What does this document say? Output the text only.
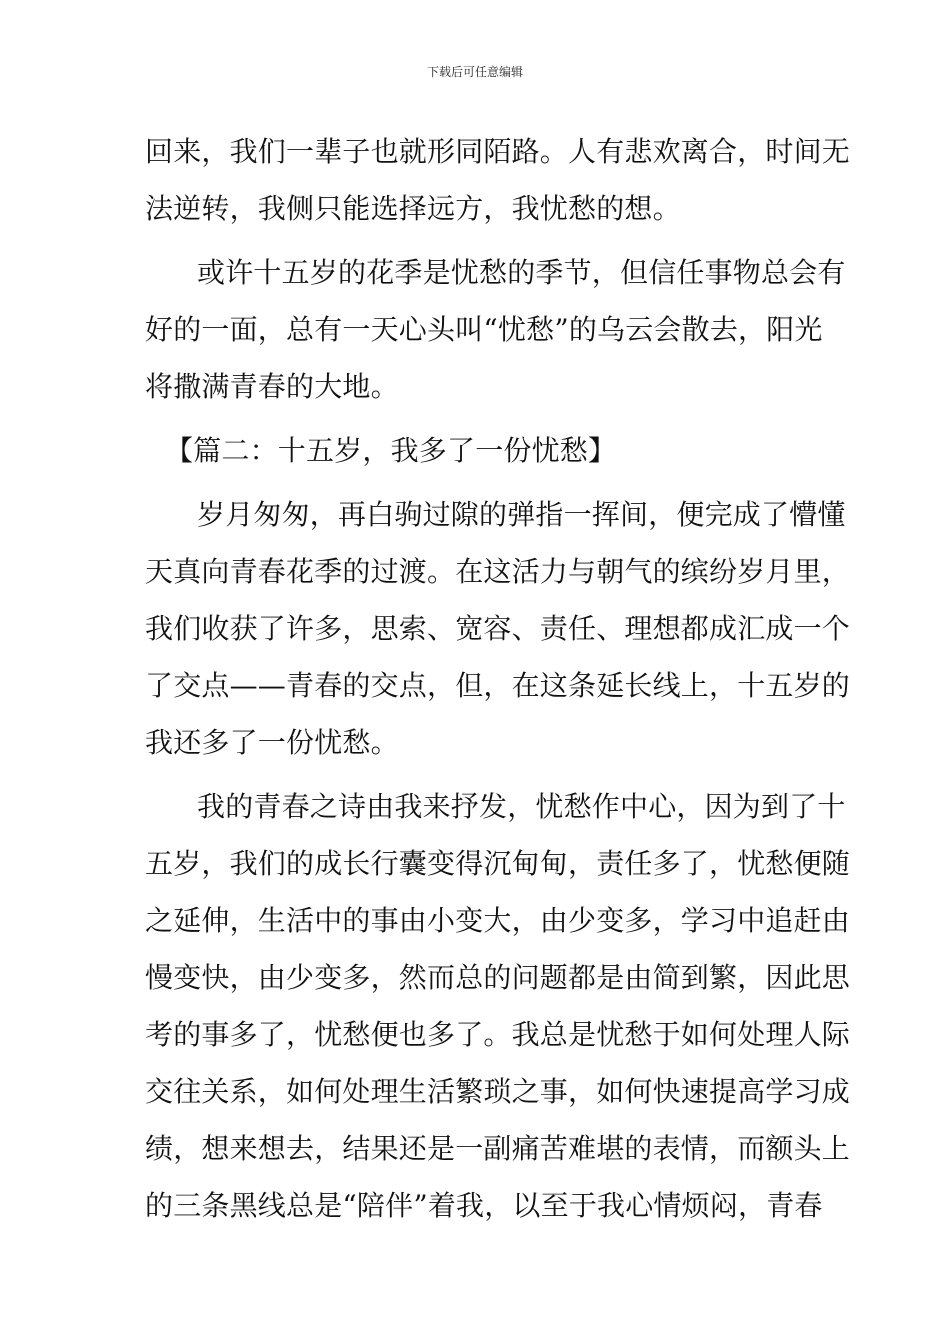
下载后可任意编辑
回来，我们一辈子也就形同陌路。人有悲欢离合，时间无
法逆转，我侧只能选择远方，我忧愁的想。
或许十五岁的花季是忧愁的季节，但信任事物总会有
好的一面，总有一天心头叫“忧愁”的乌云会散去，阳光
将撒满青春的大地。
【篇二：十五岁，我多了一份忧愁】
岁月匆匆，再白驹过隙的弹指一挥间，便完成了懵懂
天真向青春花季的过渡。在这活力与朝气的缤纷岁月里，
我们收获了许多，思索、宽容、责任、理想都成汇成一个
了交点——青春的交点，但，在这条延长线上，十五岁的
我还多了一份忧愁。
我的青春之诗由我来抒发，忧愁作中心，因为到了十
五岁，我们的成长行囊变得沉甸甸，责任多了，忧愁便随
之延伸，生活中的事由小变大，由少变多，学习中追赶由
慢变快，由少变多，然而总的问题都是由简到繁，因此思
考的事多了，忧愁便也多了。我总是忧愁于如何处理人际
交往关系，如何处理生活繁琐之事，如何快速提高学习成
绩，想来想去，结果还是一副痛苦难堪的表情，而额头上
的三条黑线总是“陪伴”着我，以至于我心情烦闷，青春
